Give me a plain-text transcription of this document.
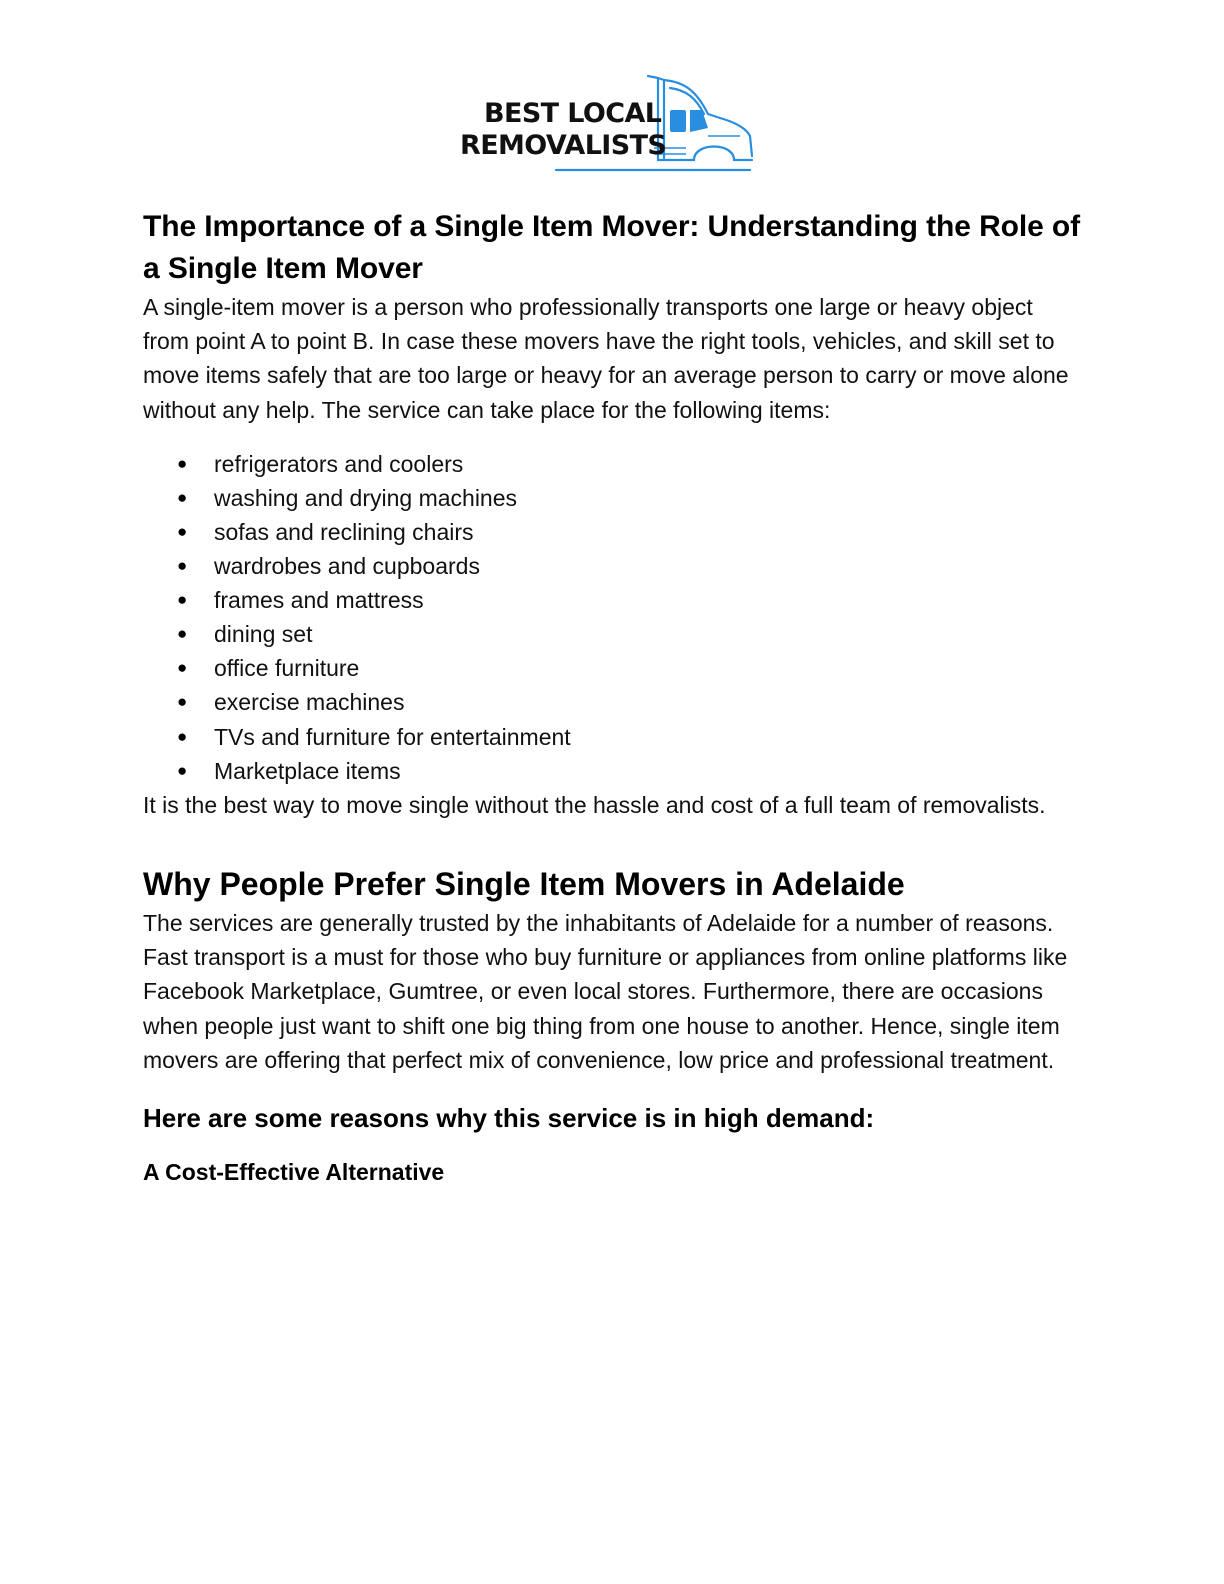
BEST LOCAL
REMOVALISTS
The Importance of a Single Item Mover: Understanding the Role of a Single Item Mover

A single-item mover is a person who professionally transports one large or heavy object from point A to point B. In case these movers have the right tools, vehicles, and skill set to move items safely that are too large or heavy for an average person to carry or move alone without any help. The service can take place for the following items:

● refrigerators and coolers
● washing and drying machines
● sofas and reclining chairs
● wardrobes and cupboards
● frames and mattress
● dining set
● office furniture
● exercise machines
● TVs and furniture for entertainment
● Marketplace items

It is the best way to move single without the hassle and cost of a full team of removalists.

Why People Prefer Single Item Movers in Adelaide

The services are generally trusted by the inhabitants of Adelaide for a number of reasons. Fast transport is a must for those who buy furniture or appliances from online platforms like Facebook Marketplace, Gumtree, or even local stores. Furthermore, there are occasions when people just want to shift one big thing from one house to another. Hence, single item movers are offering that perfect mix of convenience, low price and professional treatment.

Here are some reasons why this service is in high demand:
A Cost-Effective Alternative
